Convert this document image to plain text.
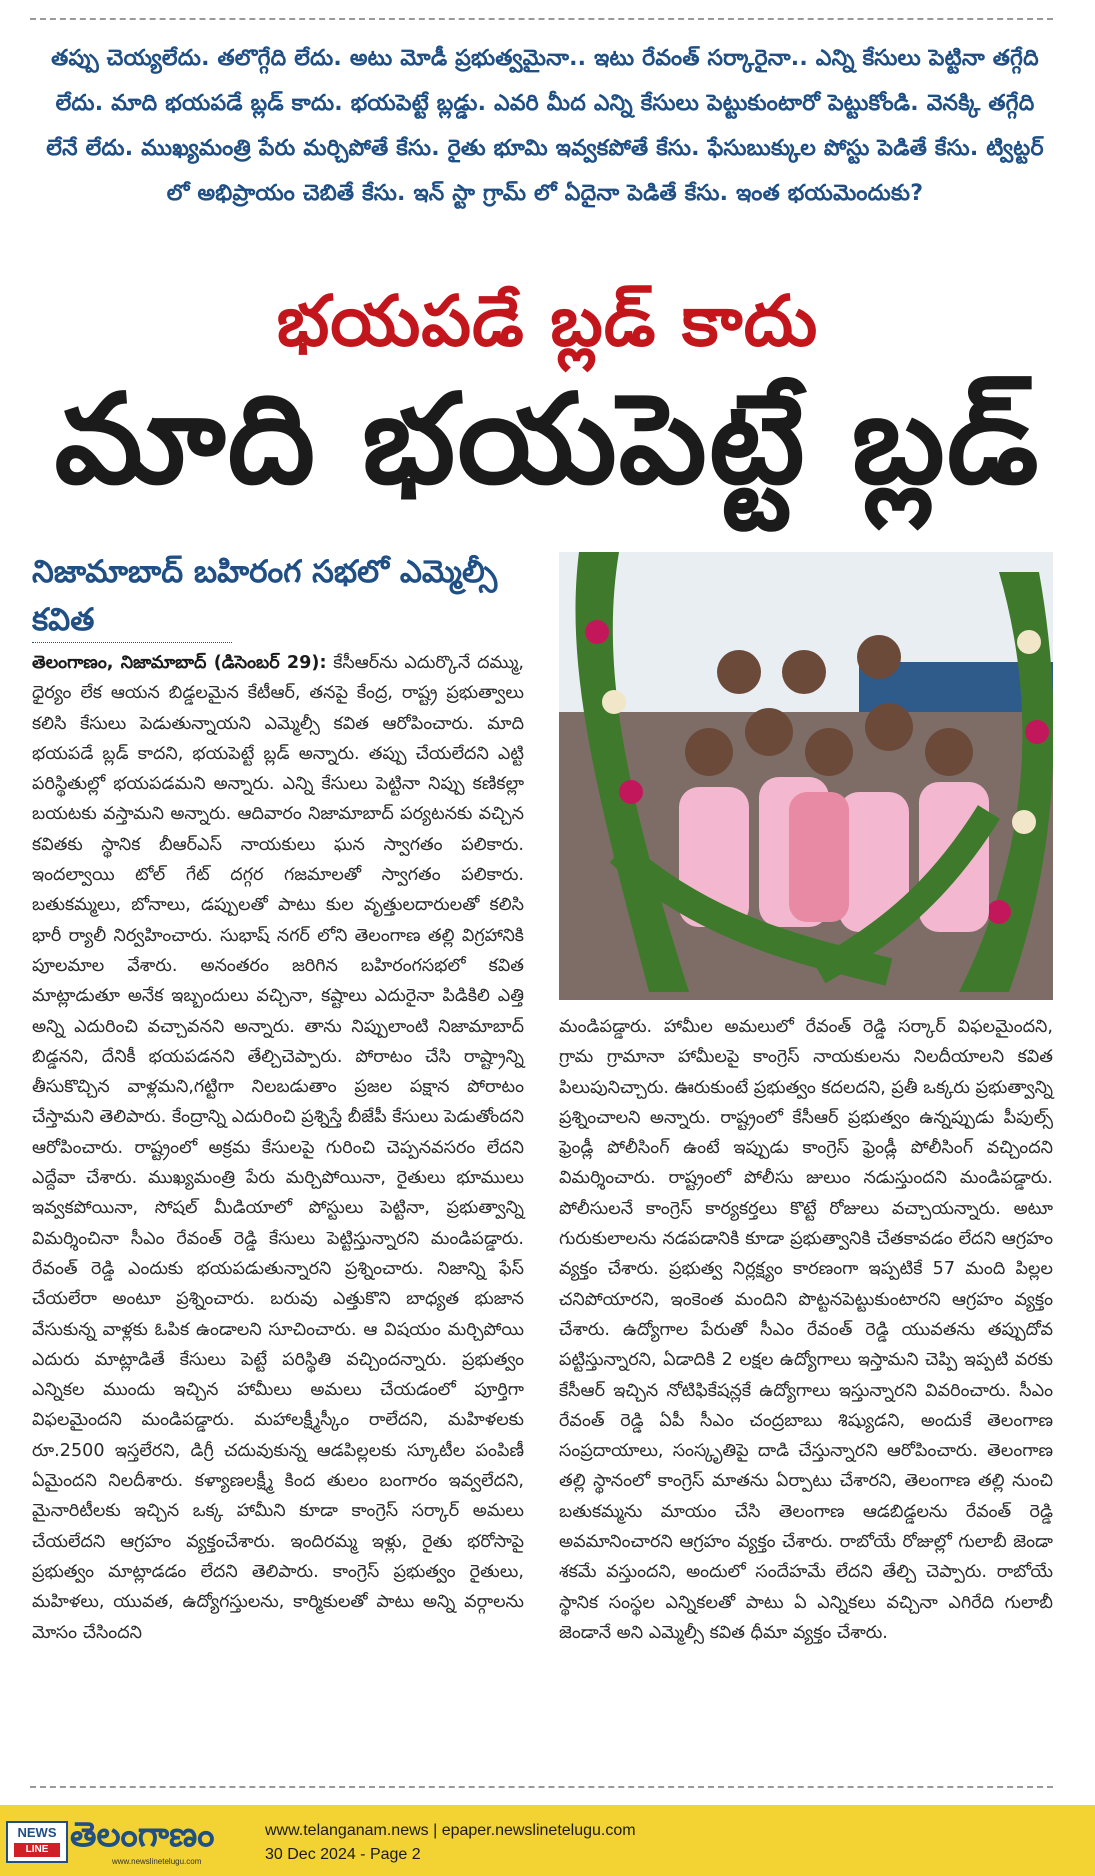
తప్పు చెయ్యలేదు. తలొగ్గేది లేదు. అటు మోడీ ప్రభుత్వమైనా.. ఇటు రేవంత్ సర్కారైనా.. ఎన్ని కేసులు పెట్టినా తగ్గేది లేదు. మాది భయపడే బ్లడ్ కాదు. భయపెట్టే బ్లడ్డు. ఎవరి మీద ఎన్ని కేసులు పెట్టుకుంటారో పెట్టుకోండి. వెనక్కి తగ్గేది లేనే లేదు. ముఖ్యమంత్రి పేరు మర్చిపోతే కేసు. రైతు భూమి ఇవ్వకపోతే కేసు. ఫేసుబుక్కుల పోస్టు పెడితే కేసు. ట్విట్టర్ లో అభిప్రాయం చెబితే కేసు. ఇన్ స్టా గ్రామ్ లో ఏదైనా పెడితే కేసు. ఇంత భయమెందుకు?
భయపడే బ్లడ్ కాదు
మాది భయపెట్టే బ్లడ్
నిజామాబాద్ బహిరంగ సభలో ఎమ్మెల్సీ కవిత
తెలంగాణం, నిజామాబాద్ (డిసెంబర్ 29): కేసీఆర్‌ను ఎదుర్కొనే దమ్ము, ధైర్యం లేక ఆయన బిడ్డలమైన కేటీఆర్, తనపై కేంద్ర, రాష్ట్ర ప్రభుత్వాలు కలిసి కేసులు పెడుతున్నాయని ఎమ్మెల్సీ కవిత ఆరోపించారు. మాది భయపడే బ్లడ్ కాదని, భయపెట్టే బ్లడ్ అన్నారు. తప్పు చేయలేదని ఎట్టి పరిస్థితుల్లో భయపడమని అన్నారు. ఎన్ని కేసులు పెట్టినా నిప్పు కణికల్లా బయటకు వస్తామని అన్నారు. ఆదివారం నిజామాబాద్ పర్యటనకు వచ్చిన కవితకు స్థానిక బీఆర్ఎస్ నాయకులు ఘన స్వాగతం పలికారు. ఇందల్వాయి టోల్ గేట్ దగ్గర గజమాలతో స్వాగతం పలికారు. బతుకమ్మలు, బోనాలు, డప్పులతో పాటు కుల వృత్తులదారులతో కలిసి భారీ ర్యాలీ నిర్వహించారు. సుభాష్ నగర్ లోని తెలంగాణ తల్లి విగ్రహానికి పూలమాల వేశారు. అనంతరం జరిగిన బహిరంగసభలో కవిత మాట్లాడుతూ అనేక ఇబ్బందులు వచ్చినా, కష్టాలు ఎదురైనా పిడికిలి ఎత్తి అన్ని ఎదురించి వచ్చావనని అన్నారు. తాను నిప్పులాంటి నిజామాబాద్ బిడ్డనని, దేనికీ భయపడనని తేల్చిచెప్పారు. పోరాటం చేసి రాష్ట్రాన్ని తీసుకొచ్చిన వాళ్లమని,గట్టిగా నిలబడుతాం ప్రజల పక్షాన పోరాటం చేస్తామని తెలిపారు. కేంద్రాన్ని ఎదురించి ప్రశ్నిస్తే బీజేపీ కేసులు పెడుతోందని ఆరోపించారు. రాష్ట్రంలో అక్రమ కేసులపై గురించి చెప్పనవసరం లేదని ఎద్దేవా చేశారు. ముఖ్యమంత్రి పేరు మర్చిపోయినా, రైతులు భూములు ఇవ్వకపోయినా, సోషల్ మీడియాలో పోస్టులు పెట్టినా, ప్రభుత్వాన్ని విమర్శించినా సీఎం రేవంత్ రెడ్డి కేసులు పెట్టిస్తున్నారని మండిపడ్డారు. రేవంత్ రెడ్డి ఎందుకు భయపడుతున్నారని ప్రశ్నించారు. నిజాన్ని ఫేస్ చేయలేరా అంటూ ప్రశ్నించారు. బరువు ఎత్తుకొని బాధ్యత భుజాన వేసుకున్న వాళ్లకు ఓపిక ఉండాలని సూచించారు. ఆ విషయం మర్చిపోయి ఎదురు మాట్లాడితే కేసులు పెట్టే పరిస్థితి వచ్చిందన్నారు. ప్రభుత్వం ఎన్నికల ముందు ఇచ్చిన హామీలు అమలు చేయడంలో పూర్తిగా విఫలమైందని మండిపడ్డారు. మహాలక్ష్మీస్కీం రాలేదని, మహిళలకు రూ.2500 ఇస్తలేరని, డిగ్రీ చదువుకున్న ఆడపిల్లలకు స్కూటీల పంపిణీ ఏమైందని నిలదీశారు. కళ్యాణలక్ష్మీ కింద తులం బంగారం ఇవ్వలేదని, మైనారిటీలకు ఇచ్చిన ఒక్క హామీని కూడా కాంగ్రెస్ సర్కార్ అమలు చేయలేదని ఆగ్రహం వ్యక్తంచేశారు. ఇందిరమ్మ ఇళ్లు, రైతు భరోసాపై ప్రభుత్వం మాట్లాడడం లేదని తెలిపారు. కాంగ్రెస్ ప్రభుత్వం రైతులు, మహిళలు, యువత, ఉద్యోగస్తులను, కార్మికులతో పాటు అన్ని వర్గాలను మోసం చేసిందని
మండిపడ్డారు. హామీల అమలులో రేవంత్ రెడ్డి సర్కార్ విఫలమైందని, గ్రామ గ్రామానా హామీలపై కాంగ్రెస్ నాయకులను నిలదీయాలని కవిత పిలుపునిచ్చారు. ఊరుకుంటే ప్రభుత్వం కదలదని, ప్రతీ ఒక్కరు ప్రభుత్వాన్ని ప్రశ్నించాలని అన్నారు. రాష్ట్రంలో కేసీఆర్ ప్రభుత్వం ఉన్నప్పుడు పీపుల్స్ ఫ్రెండ్లీ పోలీసింగ్ ఉంటే ఇప్పుడు కాంగ్రెస్ ఫ్రెండ్లీ పోలీసింగ్ వచ్చిందని విమర్శించారు. రాష్ట్రంలో పోలీసు జులుం నడుస్తుందని మండిపడ్డారు. పోలీసులనే కాంగ్రెస్ కార్యకర్తలు కొట్టే రోజులు వచ్చాయన్నారు. అటూ గురుకులాలను నడపడానికి కూడా ప్రభుత్వానికి చేతకావడం లేదని ఆగ్రహం వ్యక్తం చేశారు. ప్రభుత్వ నిర్లక్ష్యం కారణంగా ఇప్పటికే 57 మంది పిల్లల చనిపోయారని, ఇంకెంత మందిని పొట్టనపెట్టుకుంటారని ఆగ్రహం వ్యక్తం చేశారు. ఉద్యోగాల పేరుతో సీఎం రేవంత్ రెడ్డి యువతను తప్పుదోవ పట్టిస్తున్నారని, ఏడాదికి 2 లక్షల ఉద్యోగాలు ఇస్తామని చెప్పి ఇప్పటి వరకు కేసీఆర్ ఇచ్చిన నోటిఫికేషన్లకే ఉద్యోగాలు ఇస్తున్నారని వివరించారు. సీఎం రేవంత్ రెడ్డి ఏపీ సీఎం చంద్రబాబు శిష్యుడని, అందుకే తెలంగాణ సంప్రదాయాలు, సంస్కృతిపై దాడి చేస్తున్నారని ఆరోపించారు. తెలంగాణ తల్లి స్థానంలో కాంగ్రెస్ మాతను ఏర్పాటు చేశారని, తెలంగాణ తల్లి నుంచి బతుకమ్మను మాయం చేసి తెలంగాణ ఆడబిడ్డలను రేవంత్ రెడ్డి అవమానించారని ఆగ్రహం వ్యక్తం చేశారు. రాబోయే రోజుల్లో గులాబీ జెండా శకమే వస్తుందని, అందులో సందేహమే లేదని తేల్చి చెప్పారు. రాబోయే స్థానిక సంస్థల ఎన్నికలతో పాటు ఏ ఎన్నికలు వచ్చినా ఎగిరేది గులాబీ జెండానే అని ఎమ్మెల్సీ కవిత ధీమా వ్యక్తం చేశారు.
NEWS
LINE తెలంగాణం
www.newslinetelugu.com
www.telanganam.news | epaper.newslinetelugu.com
30 Dec 2024 - Page 2
